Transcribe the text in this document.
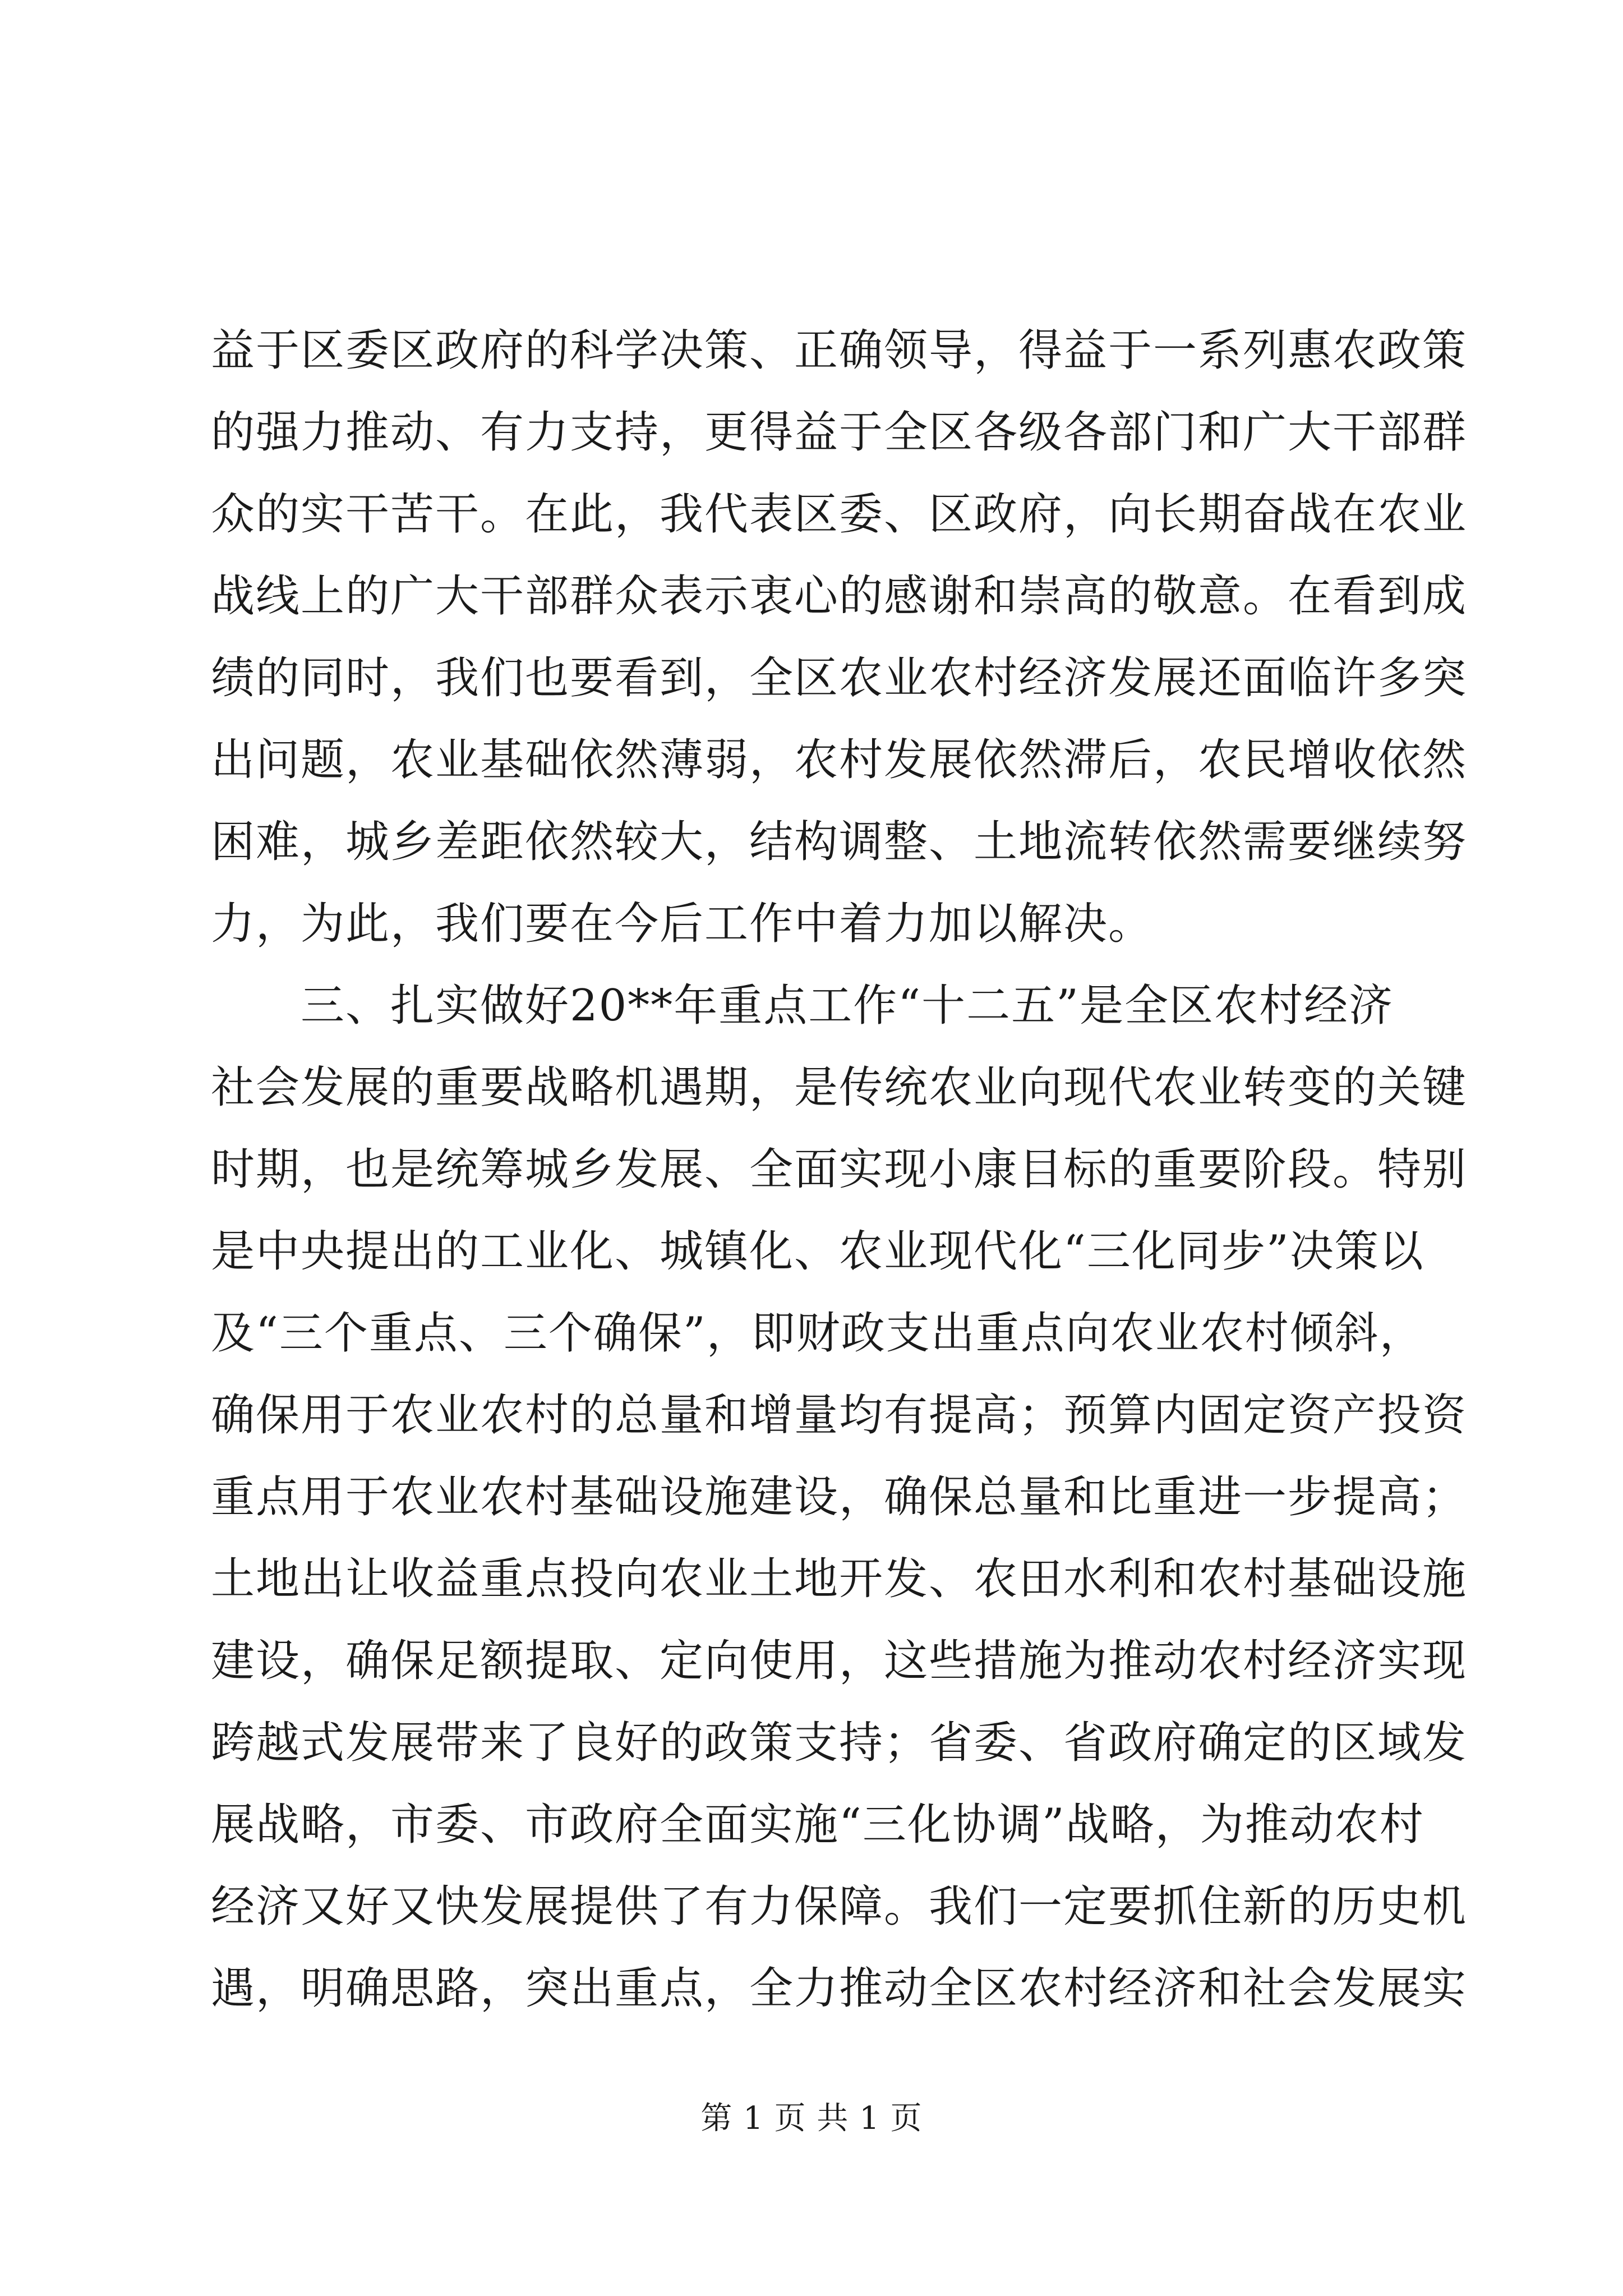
益于区委区政府的科学决策、正确领导，得益于一系列惠农政策
的强力推动、有力支持，更得益于全区各级各部门和广大干部群
众的实干苦干。在此，我代表区委、区政府，向长期奋战在农业
战线上的广大干部群众表示衷心的感谢和崇高的敬意。在看到成
绩的同时，我们也要看到，全区农业农村经济发展还面临许多突
出问题，农业基础依然薄弱，农村发展依然滞后，农民增收依然
困难，城乡差距依然较大，结构调整、土地流转依然需要继续努
力，为此，我们要在今后工作中着力加以解决。
　　三、扎实做好20**年重点工作“十二五”是全区农村经济
社会发展的重要战略机遇期，是传统农业向现代农业转变的关键
时期，也是统筹城乡发展、全面实现小康目标的重要阶段。特别
是中央提出的工业化、城镇化、农业现代化“三化同步”决策以
及“三个重点、三个确保”，即财政支出重点向农业农村倾斜，
确保用于农业农村的总量和增量均有提高；预算内固定资产投资
重点用于农业农村基础设施建设，确保总量和比重进一步提高；
土地出让收益重点投向农业土地开发、农田水利和农村基础设施
建设，确保足额提取、定向使用，这些措施为推动农村经济实现
跨越式发展带来了良好的政策支持；省委、省政府确定的区域发
展战略，市委、市政府全面实施“三化协调”战略，为推动农村
经济又好又快发展提供了有力保障。我们一定要抓住新的历史机
遇，明确思路，突出重点，全力推动全区农村经济和社会发展实
第 1 页 共 1 页
